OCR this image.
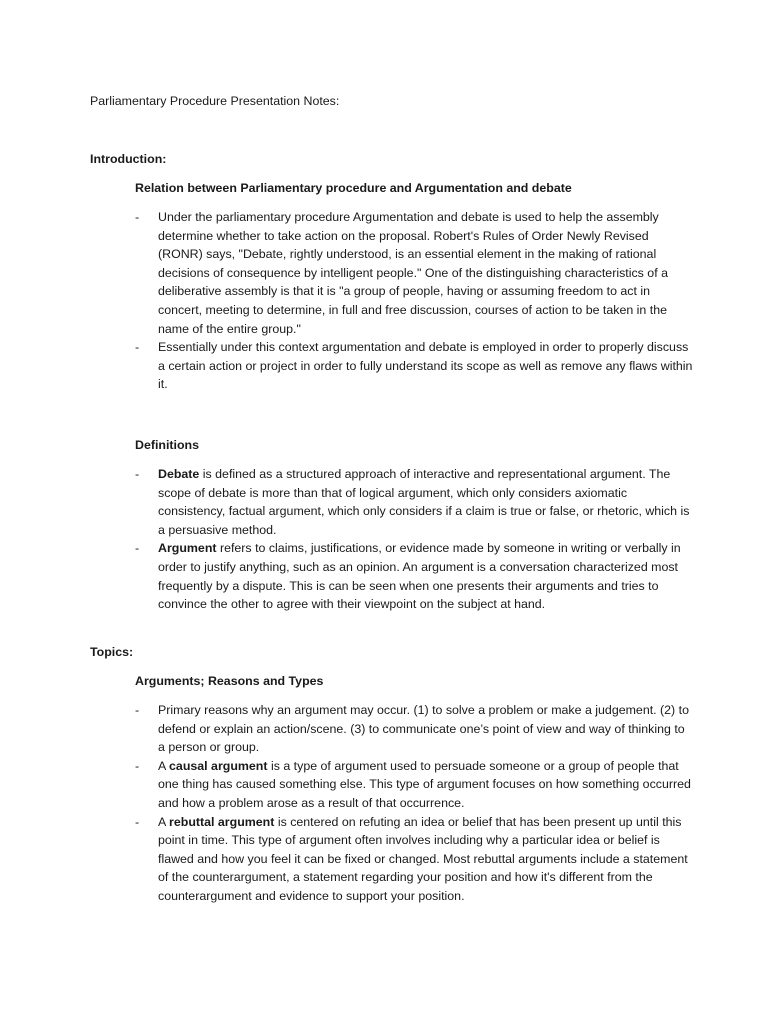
Parliamentary Procedure Presentation Notes:
Introduction:
Relation between Parliamentary procedure and Argumentation and debate
- Under the parliamentary procedure Argumentation and debate is used to help the assembly determine whether to take action on the proposal. Robert's Rules of Order Newly Revised (RONR) says, "Debate, rightly understood, is an essential element in the making of rational decisions of consequence by intelligent people." One of the distinguishing characteristics of a deliberative assembly is that it is "a group of people, having or assuming freedom to act in concert, meeting to determine, in full and free discussion, courses of action to be taken in the name of the entire group."
- Essentially under this context argumentation and debate is employed in order to properly discuss a certain action or project in order to fully understand its scope as well as remove any flaws within it.
Definitions
- Debate is defined as a structured approach of interactive and representational argument. The scope of debate is more than that of logical argument, which only considers axiomatic consistency, factual argument, which only considers if a claim is true or false, or rhetoric, which is a persuasive method.
- Argument refers to claims, justifications, or evidence made by someone in writing or verbally in order to justify anything, such as an opinion. An argument is a conversation characterized most frequently by a dispute. This is can be seen when one presents their arguments and tries to convince the other to agree with their viewpoint on the subject at hand.
Topics:
Arguments; Reasons and Types
- Primary reasons why an argument may occur. (1) to solve a problem or make a judgement. (2) to defend or explain an action/scene. (3) to communicate one’s point of view and way of thinking to a person or group.
- A causal argument is a type of argument used to persuade someone or a group of people that one thing has caused something else. This type of argument focuses on how something occurred and how a problem arose as a result of that occurrence.
- A rebuttal argument is centered on refuting an idea or belief that has been present up until this point in time. This type of argument often involves including why a particular idea or belief is flawed and how you feel it can be fixed or changed. Most rebuttal arguments include a statement of the counterargument, a statement regarding your position and how it's different from the counterargument and evidence to support your position.
